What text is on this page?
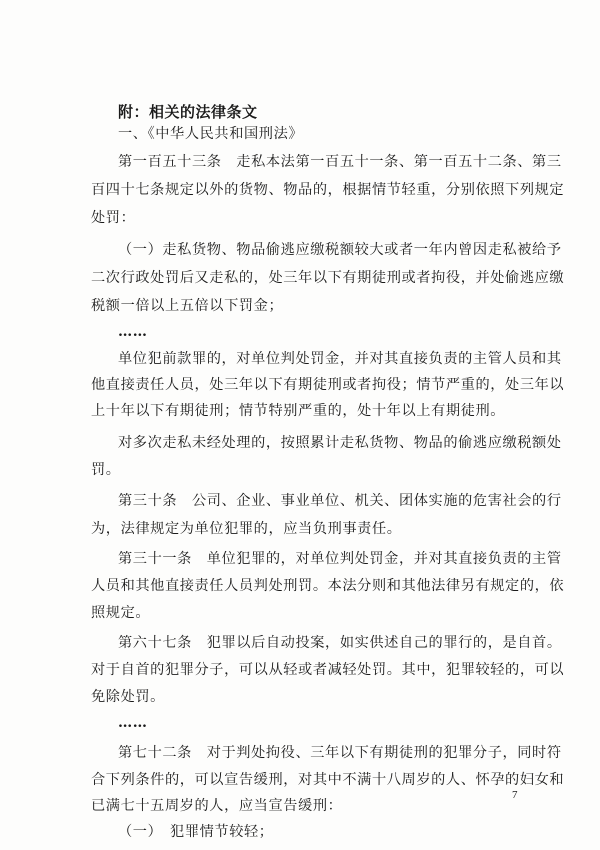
附：相关的法律条文
一、《中华人民共和国刑法》
第一百五十三条　走私本法第一百五十一条、第一百五十二条、第三
百四十七条规定以外的货物、物品的，根据情节轻重，分别依照下列规定
处罚：
（一）走私货物、物品偷逃应缴税额较大或者一年内曾因走私被给予
二次行政处罚后又走私的，处三年以下有期徒刑或者拘役，并处偷逃应缴
税额一倍以上五倍以下罚金；
……
单位犯前款罪的，对单位判处罚金，并对其直接负责的主管人员和其
他直接责任人员，处三年以下有期徒刑或者拘役；情节严重的，处三年以
上十年以下有期徒刑；情节特别严重的，处十年以上有期徒刑。
对多次走私未经处理的，按照累计走私货物、物品的偷逃应缴税额处
罚。
第三十条　公司、企业、事业单位、机关、团体实施的危害社会的行
为，法律规定为单位犯罪的，应当负刑事责任。
第三十一条　单位犯罪的，对单位判处罚金，并对其直接负责的主管
人员和其他直接责任人员判处刑罚。本法分则和其他法律另有规定的，依
照规定。
第六十七条　犯罪以后自动投案，如实供述自己的罪行的，是自首。
对于自首的犯罪分子，可以从轻或者减轻处罚。其中，犯罪较轻的，可以
免除处罚。
……
第七十二条　对于判处拘役、三年以下有期徒刑的犯罪分子，同时符
合下列条件的，可以宣告缓刑，对其中不满十八周岁的人、怀孕的妇女和
已满七十五周岁的人，应当宣告缓刑：
（一）　犯罪情节较轻；
7
